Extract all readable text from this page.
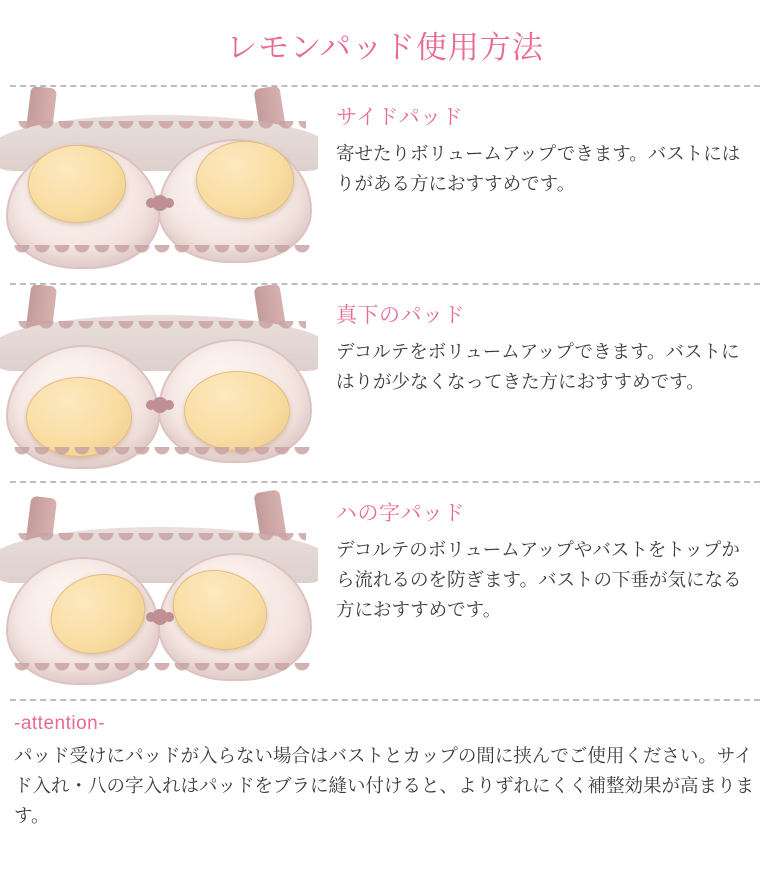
レモンパッド使用方法
サイドパッド

寄せたりボリュームアップできます。バストにはりがある方におすすめです。

真下のパッド

デコルテをボリュームアップできます。バストにはりが少なくなってきた方におすすめです。

ハの字パッド

デコルテのボリュームアップやバストをトップから流れるのを防ぎます。バストの下垂が気になる方におすすめです。

-attention-

パッド受けにパッドが入らない場合はバストとカップの間に挟んでご使用ください。サイド入れ・八の字入れはパッドをブラに縫い付けると、よりずれにくく補整効果が高まります。
